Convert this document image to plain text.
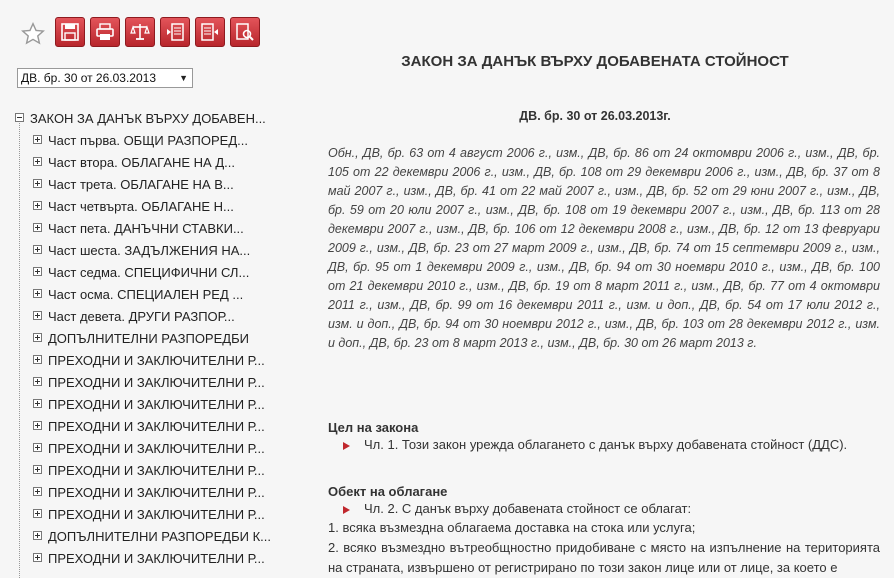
ДВ. бр. 30 от 26.03.2013	▼
ЗАКОН ЗА ДАНЪК ВЪРХУ ДОБАВЕН...
Част първа. ОБЩИ РАЗПОРЕД...
Част втора. ОБЛАГАНЕ НА Д...
Част трета. ОБЛАГАНЕ НА В...
Част четвърта. ОБЛАГАНЕ Н...
Част пета. ДАНЪЧНИ СТАВКИ...
Част шеста. ЗАДЪЛЖЕНИЯ НА...
Част седма. СПЕЦИФИЧНИ СЛ...
Част осма. СПЕЦИАЛЕН РЕД ...
Част девета. ДРУГИ РАЗПОР...
ДОПЪЛНИТЕЛНИ РАЗПОРЕДБИ
ПРЕХОДНИ И ЗАКЛЮЧИТЕЛНИ Р...
ПРЕХОДНИ И ЗАКЛЮЧИТЕЛНИ Р...
ПРЕХОДНИ И ЗАКЛЮЧИТЕЛНИ Р...
ПРЕХОДНИ И ЗАКЛЮЧИТЕЛНИ Р...
ПРЕХОДНИ И ЗАКЛЮЧИТЕЛНИ Р...
ПРЕХОДНИ И ЗАКЛЮЧИТЕЛНИ Р...
ПРЕХОДНИ И ЗАКЛЮЧИТЕЛНИ Р...
ПРЕХОДНИ И ЗАКЛЮЧИТЕЛНИ Р...
ДОПЪЛНИТЕЛНИ РАЗПОРЕДБИ К...
ПРЕХОДНИ И ЗАКЛЮЧИТЕЛНИ Р...
ЗАКОН ЗА ДАНЪК ВЪРХУ ДОБАВЕНАТА СТОЙНОСТ
ДВ. бр. 30 от 26.03.2013г.
Обн., ДВ, бр. 63 от 4 август 2006 г., изм., ДВ, бр. 86 от 24 октомври 2006 г., изм., ДВ, бр. 105 от 22 декември 2006 г., изм., ДВ, бр. 108 от 29 декември 2006 г., изм., ДВ, бр. 37 от 8 май 2007 г., изм., ДВ, бр. 41 от 22 май 2007 г., изм., ДВ, бр. 52 от 29 юни 2007 г., изм., ДВ, бр. 59 от 20 юли 2007 г., изм., ДВ, бр. 108 от 19 декември 2007 г., изм., ДВ, бр. 113 от 28 декември 2007 г., изм., ДВ, бр. 106 от 12 декември 2008 г., изм., ДВ, бр. 12 от 13 февруари 2009 г., изм., ДВ, бр. 23 от 27 март 2009 г., изм., ДВ, бр. 74 от 15 септември 2009 г., изм., ДВ, бр. 95 от 1 декември 2009 г., изм., ДВ, бр. 94 от 30 ноември 2010 г., изм., ДВ, бр. 100 от 21 декември 2010 г., изм., ДВ, бр. 19 от 8 март 2011 г., изм., ДВ, бр. 77 от 4 октомври 2011 г., изм., ДВ, бр. 99 от 16 декември 2011 г., изм. и доп., ДВ, бр. 54 от 17 юли 2012 г., изм. и доп., ДВ, бр. 94 от 30 ноември 2012 г., изм., ДВ, бр. 103 от 28 декември 2012 г., изм. и доп., ДВ, бр. 23 от 8 март 2013 г., изм., ДВ, бр. 30 от 26 март 2013 г.
Цел на закона
Чл. 1. Този закон урежда облагането с данък върху добавената стойност (ДДС).
Обект на облагане
Чл. 2. С данък върху добавената стойност се облагат:
1. всяка възмездна облагаема доставка на стока или услуга;
2. всяко възмездно вътреобщностно придобиване с място на изпълнение на територията на страната, извършено от регистрирано по този закон лице или от лице, за което е
